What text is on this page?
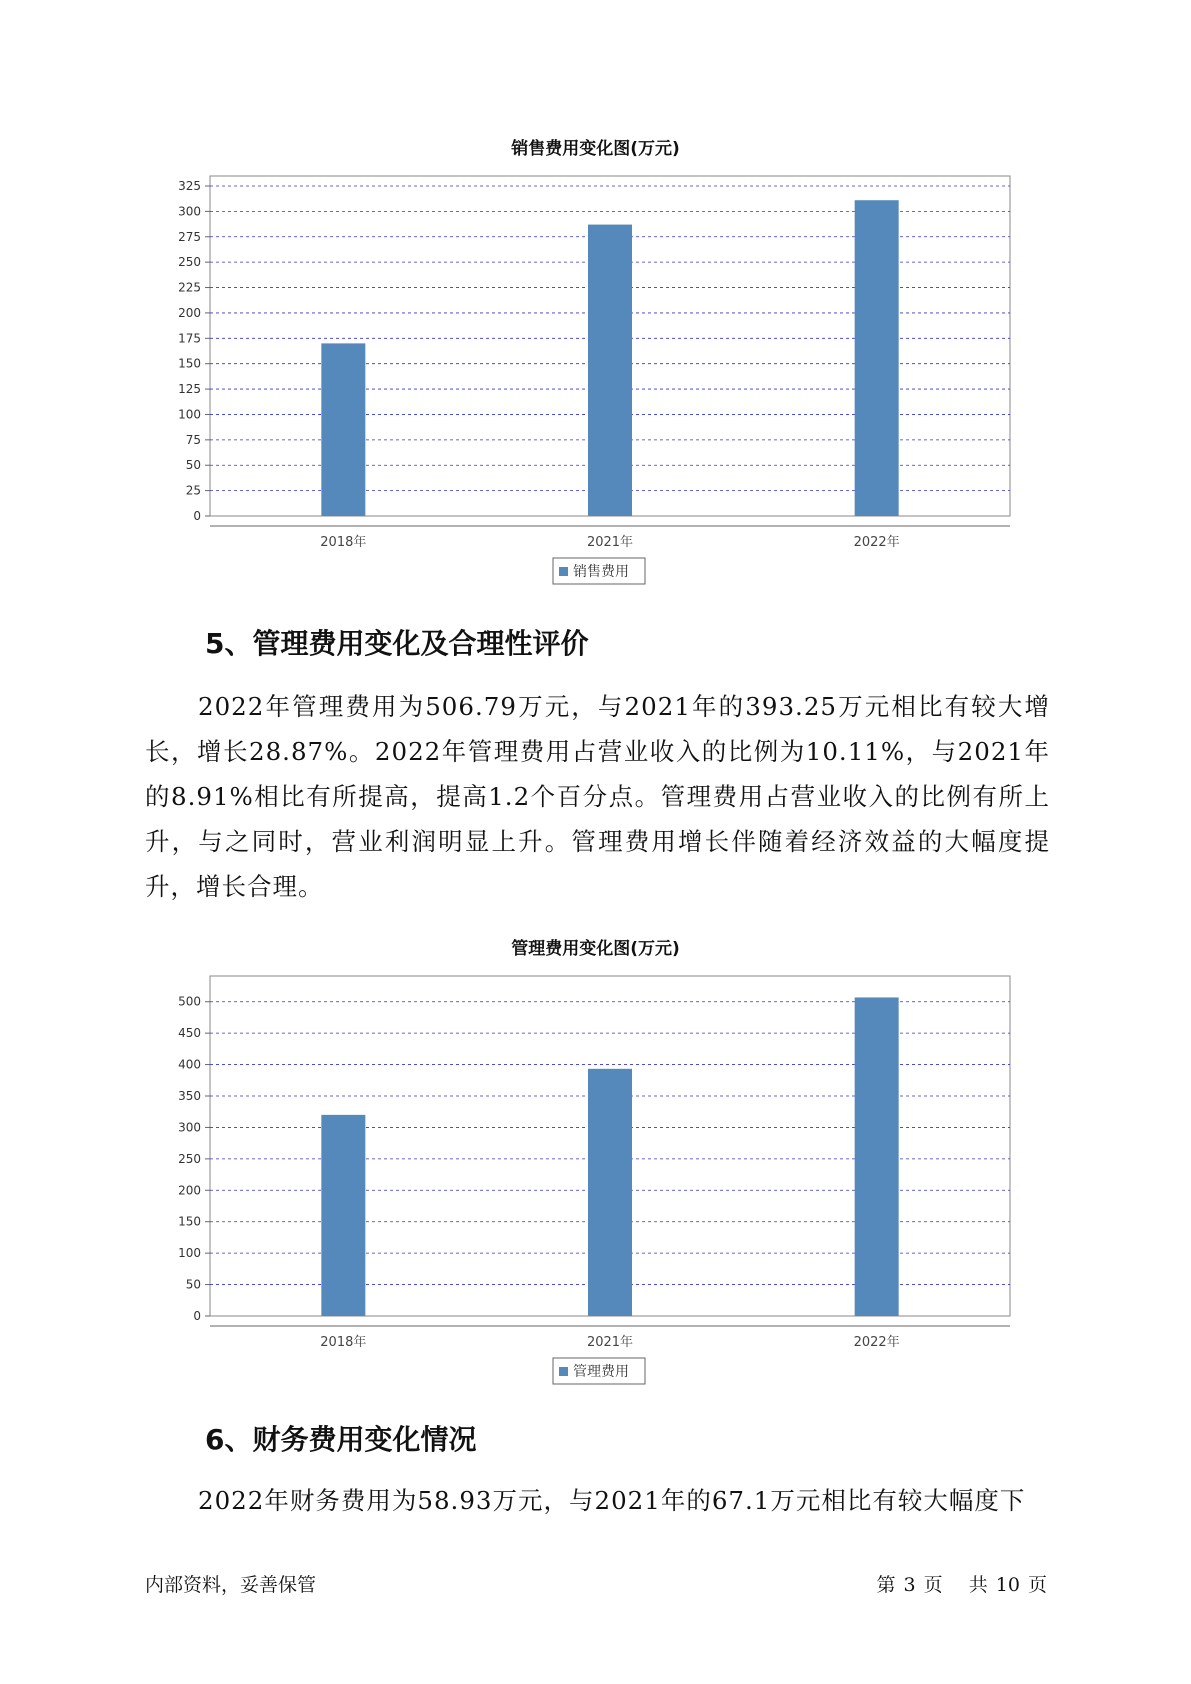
销售费用变化图(万元)
0
25
50
75
100
125
150
175
200
225
250
275
300
325
2018年	2021年	2022年
销售费用
5、管理费用变化及合理性评价
2022年管理费用为506.79万元，与2021年的393.25万元相比有较大增长，增长28.87%。2022年管理费用占营业收入的比例为10.11%，与2021年的8.91%相比有所提高，提高1.2个百分点。管理费用占营业收入的比例有所上升，与之同时，营业利润明显上升。管理费用增长伴随着经济效益的大幅度提升，增长合理。
管理费用变化图(万元)
0
50
100
150
200
250
300
350
400
450
500
2018年	2021年	2022年
管理费用
6、财务费用变化情况
2022年财务费用为58.93万元，与2021年的67.1万元相比有较大幅度下
内部资料，妥善保管	第 3 页 共 10 页
